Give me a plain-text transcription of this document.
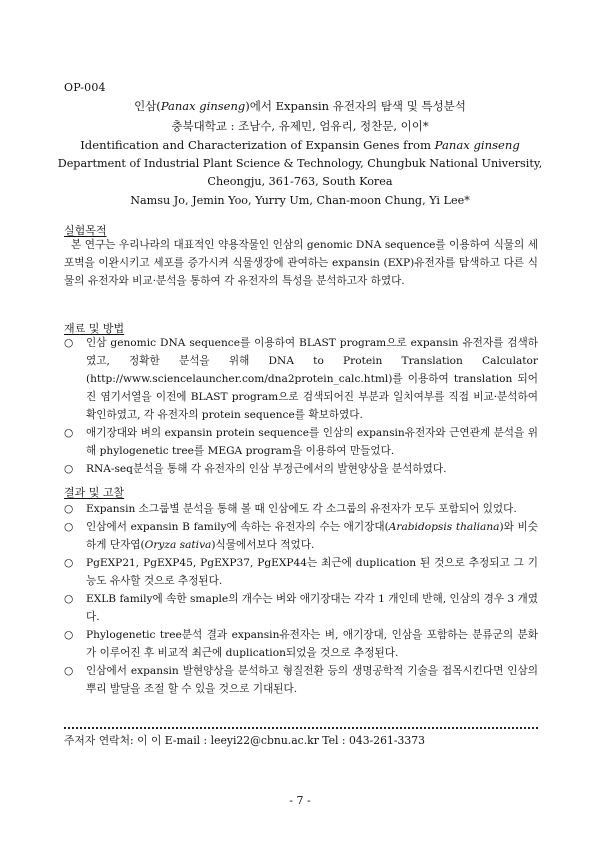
OP-004
인삼(Panax ginseng)에서 Expansin 유전자의 탐색 및 특성분석
충북대학교 : 조남수, 유제민, 엄유리, 정찬문, 이이*
Identification and Characterization of Expansin Genes from Panax ginseng
Department of Industrial Plant Science & Technology, Chungbuk National University,
Cheongju, 361-763, South Korea
Namsu Jo, Jemin Yoo, Yurry Um, Chan-moon Chung, Yi Lee*
실험목적
본 연구는 우리나라의 대표적인 약용작물인 인삼의 genomic DNA sequence를 이용하여 식물의 세포벽을 이완시키고 세포를 증가시켜 식물생장에 관여하는 expansin (EXP)유전자를 탐색하고 다른 식물의 유전자와 비교·분석을 통하여 각 유전자의 특성을 분석하고자 하였다.
재료 및 방법
○ 인삼 genomic DNA sequence를 이용하여 BLAST program으로 expansin 유전자를 검색하였고, 정확한 분석을 위해 DNA to Protein Translation Calculator (http://www.sciencelauncher.com/dna2protein_calc.html)를 이용하여 translation 되어진 염기서열을 이전에 BLAST program으로 검색되어진 부분과 일치여부를 직접 비교·분석하여 확인하였고, 각 유전자의 protein sequence를 확보하였다.
○ 애기장대와 벼의 expansin protein sequence를 인삼의 expansin유전자와 근연관계 분석을 위해 phylogenetic tree를 MEGA program을 이용하여 만들었다.
○ RNA-seq분석을 통해 각 유전자의 인삼 부정근에서의 발현양상을 분석하였다.
결과 및 고찰
○ Expansin 소그룹별 분석을 통해 볼 때 인삼에도 각 소그룹의 유전자가 모두 포함되어 있었다.
○ 인삼에서 expansin B family에 속하는 유전자의 수는 애기장대(Arabidopsis thaliana)와 비슷하게 단자엽(Oryza sativa)식물에서보다 적었다.
○ PgEXP21, PgEXP45, PgEXP37, PgEXP44는 최근에 duplication 된 것으로 추정되고 그 기능도 유사할 것으로 추정된다.
○ EXLB family에 속한 smaple의 개수는 벼와 애기장대는 각각 1 개인데 반해, 인삼의 경우 3 개였다.
○ Phylogenetic tree분석 결과 expansin유전자는 벼, 애기장대, 인삼을 포함하는 분류군의 분화가 이루어진 후 비교적 최근에 duplication되었을 것으로 추정된다.
○ 인삼에서 expansin 발현양상을 분석하고 형질전환 등의 생명공학적 기술을 접목시킨다면 인삼의 뿌리 발달을 조절 할 수 있을 것으로 기대된다.
주저자 연락처: 이 이 E-mail : leeyi22@cbnu.ac.kr Tel : 043-261-3373
- 7 -
